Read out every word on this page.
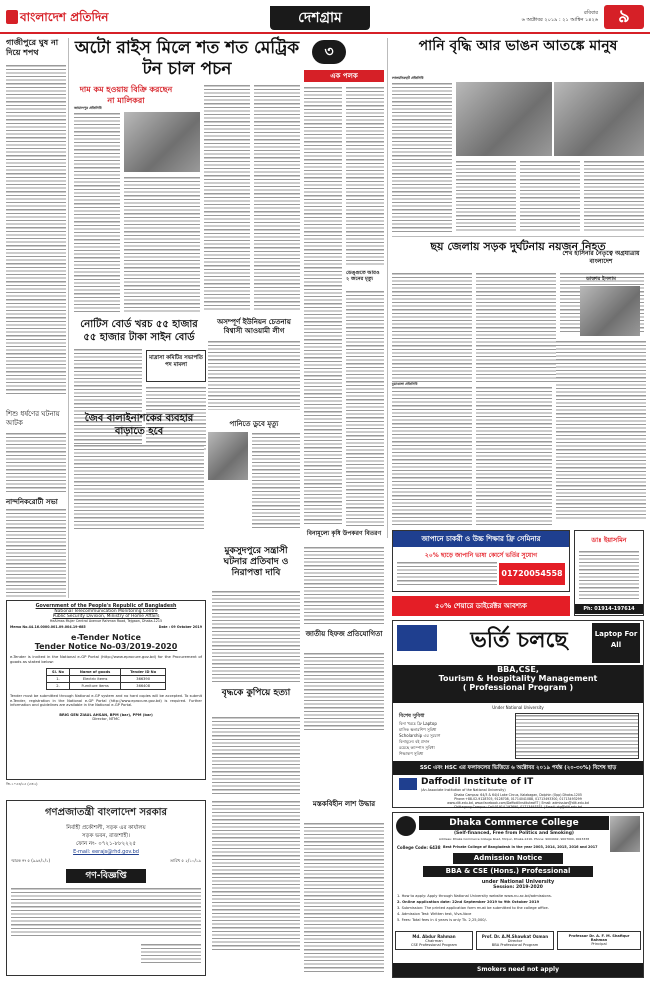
বাংলাদেশ প্রতিদিন	দেশগ্রাম	রবিবার
৬ অক্টোবর ২০১৯ : ২১ আশ্বিন ১৪২৬	৯
গাজীপুরে ঘুষ না দিয়ে শপথ
শিশু ধর্ষণের ঘটনায় আটক
নান্দনিকরোটী সভা
অটো রাইস মিলে শত শত মেট্রিক টন চাল পচন
দাম কম হওয়ায় বিক্রি করছেন না মালিকরা
জামালপুর প্রতিনিধি
নোটিস বোর্ড খরচ ৫৫ হাজার ৫৫ হাজার টাকা সাইন বোর্ড
মাদ্রাসা কমিটির সভাপতি পদ মামলা
জৈব বালাইনাশকের ব্যবহার বাড়াতে হবে
অসম্পূর্ণ ইউনিয়ন চেতনায় বিশ্বাসী আওয়ামী লীগ
পানিতে ডুবে মৃত্যু
৩
এক পলক
ডেঙ্গুতে আরও ২ জনের মৃত্যু
পানি বৃদ্ধি আর ভাঙন আতঙ্কে মানুষ
লালমনিরহাট প্রতিনিধি
ছয় জেলায় সড়ক দুর্ঘটনায় নয়জন নিহত
শেখ হাসিনার নেতৃত্বে অগ্রযাত্রায় বাংলাদেশ
ডাক্তার ইসলাম
বিনামূল্যে কৃষি উপকরণ বিতরণ
জাতীয় হিফজ প্রতিযোগিতা
চুয়াডাঙ্গা প্রতিনিধি
Government of the People's Republic of Bangladesh
National Telecommunication Monitoring Centre
Public Security Division, Ministry of Home Affairs
HeAlmas Mujer Central Avenue Rahman Road, Tejgaon, Dhaka-1215
Memo No.44.16.0000.001.09.004.19-685	Date : 09 October 2019
e-Tender Notice
Tender Notice No-03/2019-2020
e-Tender is invited in the National e-GP Portal (http://www.eprocure.gov.bd) for the Procurement of goods as stated below:
Sl. No	Name of goods	Tender ID No
1.	Electric items	366390
2.	Furniture items	366408
Tender must be submitted through National e-GP system and no hard copies will be accepted. To submit e-Tender, registration in the National e-GP Portal (http://www.eprocure.gov.bd) is required. Further information and guidelines are available in the National e-GP Portal.
BRIG GEN ZIAUL AHSAN, BPM (bar), PPM (bar)
Director, NTMC
জি-১০৫৩/২৫ (৫×২)
মুকসুদপুরে সন্ত্রাসী ঘটনার প্রতিবাদ ও নিরাপত্তা দাবি
বৃদ্ধকে কুপিয়ে হত্যা
গণপ্রজাতন্ত্রী বাংলাদেশ সরকার
নির্বাহী প্রকৌশলী, সড়ক এর কার্যালয়
সড়ক ভবন, রাজশাহী।
ফোন নং- ০৭২১-৮৮২২২৫
E-mail: eerajs@rhd.gov.bd
স্মারক নং ৫ (৯৯৪/১/১)	তারিখ ৫ ২/১০/১৯
গণ-বিজ্ঞপ্তি
মস্তকবিহীন লাশ উদ্ধার
জাপানে চাকরী ও উচ্চ শিক্ষার ফ্রি সেমিনার
২০% ছাড়ে জাপানি ভাষা কোর্সে ভর্তির সুযোগ
01720054558
৫০% শেয়ারে ডাইরেক্টর আবশ্যক
ডাঃ ইয়াসমিন
Ph: 01914-197614
ভর্তি চলছে	Laptop For All
BBA,CSE,
Tourism & Hospitality Management
( Professional Program )
Under National University
বিশেষ সুবিধা
বিনা খরচে ফ্রি Laptop
মাসিক স্কলারশিপ সুবিধা
Scholarship এর সুযোগ
বিনামূল্যে বই প্রদান
রয়েছে ক্যাম্পাস সুবিধা
শিক্ষাঋণ সুবিধা
SSC এবং HSC এর ফলাফলের ভিত্তিতে ৬ অক্টোবর ২০১৯ পর্যন্ত (২০-৩০%) বিশেষ ছাড়
Daffodil Institute of IT
(An Associate Institution of the National University)
Dhaka Campus: 64/3 & 64/4 Lake Circus, Kalabagan, Dolphin (Opp) Dhaka-1205
Phone:+88-02-9128705, 9128708, 01714041088, 01713493300, 01713493299
www.diit.edu.bd, www.facebook.com/DaffodilInstituteofIT | Email: admission@diit.edu.bd
Chittagong Campus: Cell:01914-197690, 01713493331 | Email: ctg@diit.edu.bd
Dhaka Commerce College
(Self-financed, Free from Politics and Smoking)
Address: Dhaka Commerce College Road, Mirpur, Dhaka-1216. Phone: 9004942, 9007000, 9023338
College Code: 6438 Best Private College of Bangladesh in the year 2003, 2014, 2015, 2016 and 2017
Admission Notice
BBA & CSE (Hons.) Professional
under National University
Session: 2019-2020
1. How to apply: Apply through National University website www.nu.ac.bd/admissions.
2. Online application date: 22nd September 2019 to 9th October 2019
3. Submission: The printed application form must be submitted to the college office.
4. Admission Test: Written test, Viva-Voce
5. Fees: Total fees in 4 years is only Tk. 2,25,000/-
Md. Abdur Rahman
Chairman
CSE Professional Program
Prof. Dr. A.M.Shawkat Osman
Director
BBA Professional Program
Professor Dr. A. F. M. Shafiqur Rahman
Principal
Smokers need not apply
